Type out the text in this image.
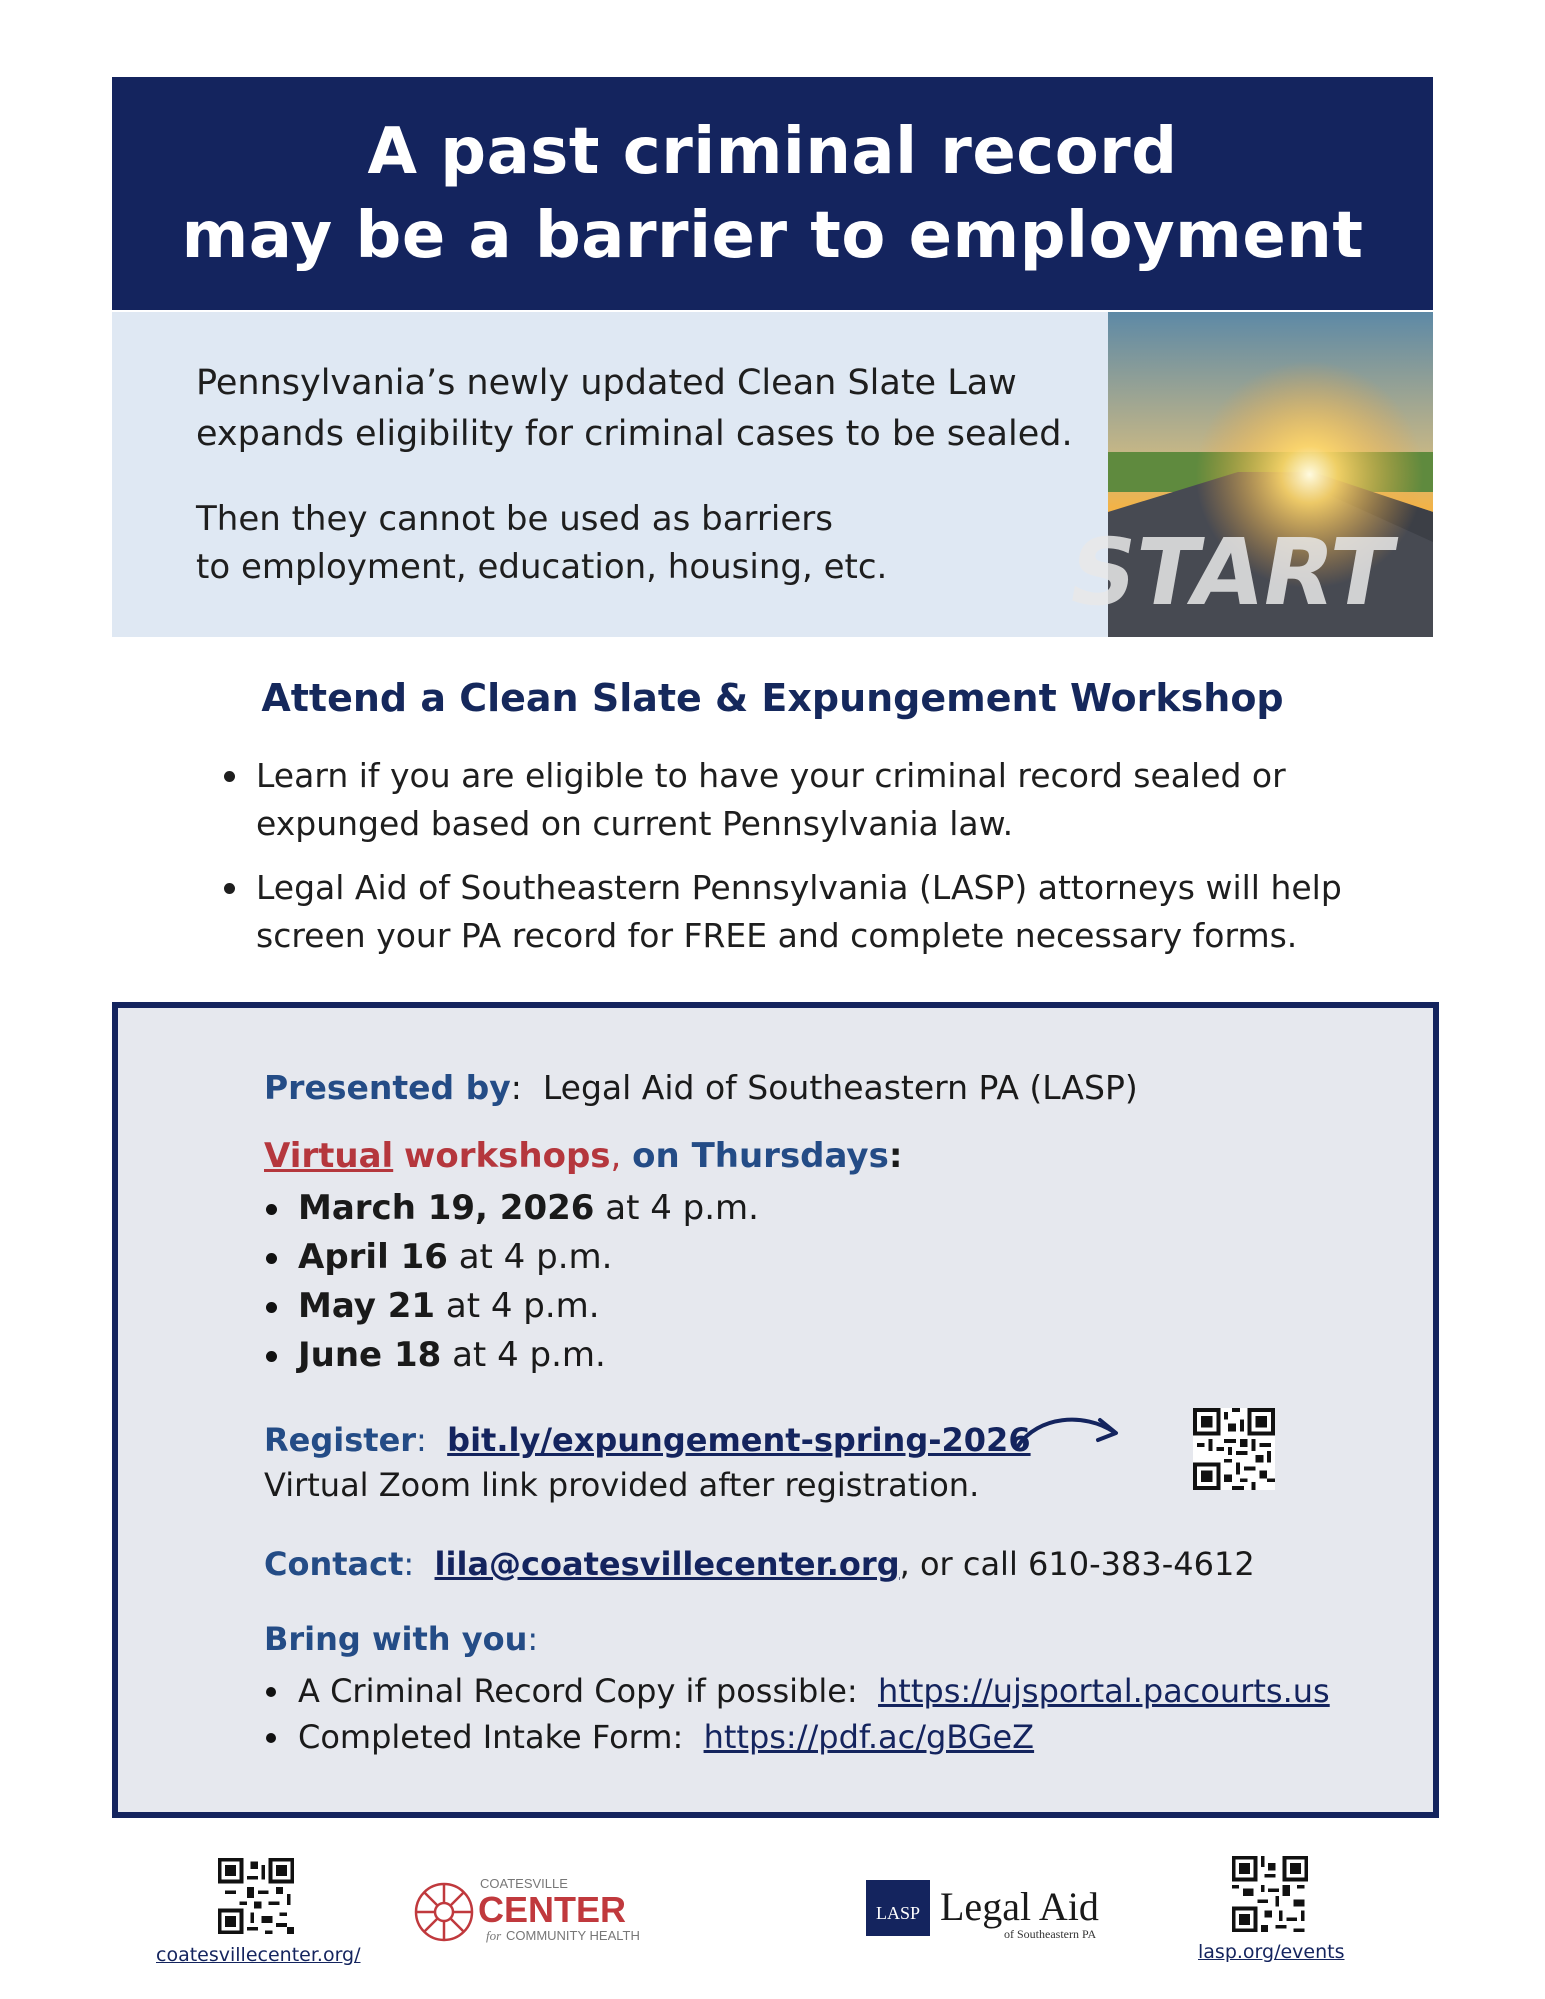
A past criminal record
may be a barrier to employment

Pennsylvania’s newly updated Clean Slate Law
expands eligibility for criminal cases to be sealed.

Then they cannot be used as barriers
to employment, education, housing, etc. START
Attend a Clean Slate & Expungement Workshop
Learn if you are eligible to have your criminal record sealed or
expunged based on current Pennsylvania law.
Legal Aid of Southeastern Pennsylvania (LASP) attorneys will help
screen your PA record for FREE and complete necessary forms.
Presented by:  Legal Aid of Southeastern PA (LASP)
Virtual workshops, on Thursdays:
March 19, 2026 at 4 p.m.
April 16 at 4 p.m.
May 21 at 4 p.m.
June 18 at 4 p.m.
Register: bit.ly/expungement-spring-2026
Virtual Zoom link provided after registration.
Contact: lila@coatesvillecenter.org, or call 610-383-4612
Bring with you:
A Criminal Record Copy if possible: https://ujsportal.pacourts.us
Completed Intake Form: https://pdf.ac/gBGeZ
coatesvillecenter.org/
COATESVILLE
CENTER
for COMMUNITY HEALTH
LASP Legal Aid
of Southeastern PA
lasp.org/events
